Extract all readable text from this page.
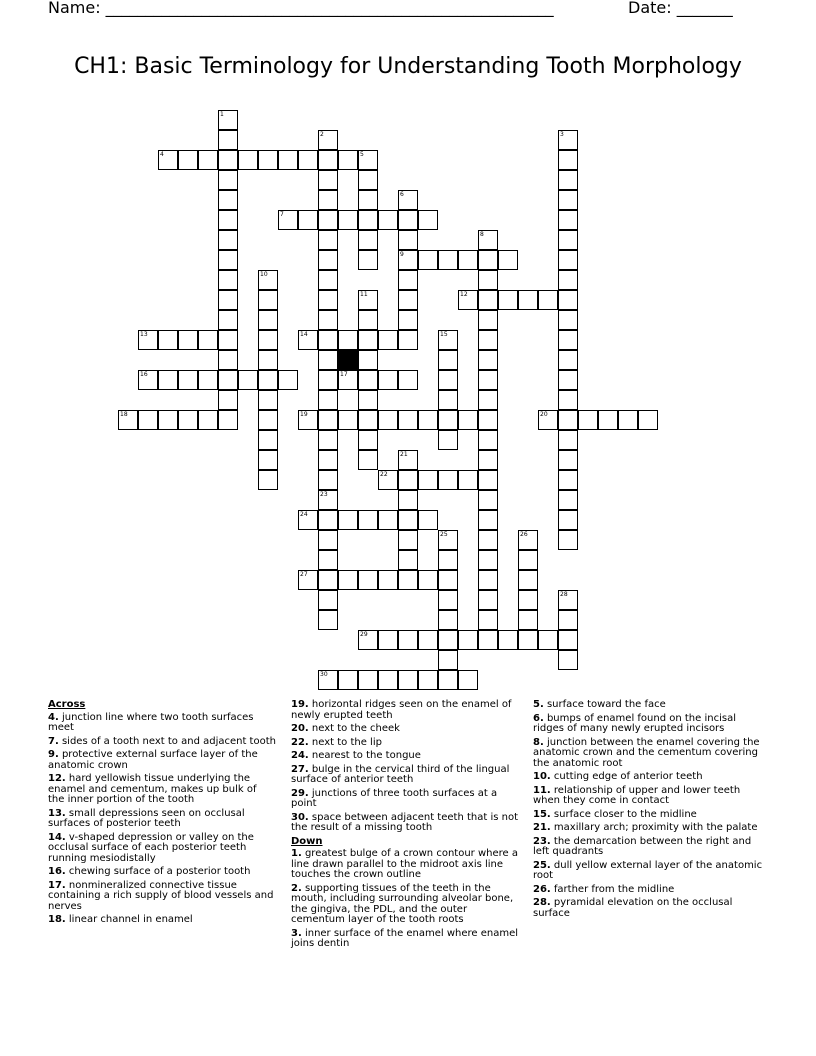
Name: ________________________________________________________	Date: _______
CH1: Basic Terminology for Understanding Tooth Morphology
1
2	3
4	5
6
7
8
9
10
11	12
13	14	15
16	17
18	19	20
21
22
23
24
25	26
27
28
29
30
Across
4. junction line where two tooth surfaces meet
7. sides of a tooth next to and adjacent tooth
9. protective external surface layer of the anatomic crown
12. hard yellowish tissue underlying the enamel and cementum, makes up bulk of the inner portion of the tooth
13. small depressions seen on occlusal surfaces of posterior teeth
14. v-shaped depression or valley on the occlusal surface of each posterior teeth running mesiodistally
16. chewing surface of a posterior tooth
17. nonmineralized connective tissue containing a rich supply of blood vessels and nerves
18. linear channel in enamel
19. horizontal ridges seen on the enamel of newly erupted teeth
20. next to the cheek
22. next to the lip
24. nearest to the tongue
27. bulge in the cervical third of the lingual surface of anterior teeth
29. junctions of three tooth surfaces at a point
30. space between adjacent teeth that is not the result of a missing tooth
Down
1. greatest bulge of a crown contour where a line drawn parallel to the midroot axis line touches the crown outline
2. supporting tissues of the teeth in the mouth, including surrounding alveolar bone, the gingiva, the PDL, and the outer cementum layer of the tooth roots
3. inner surface of the enamel where enamel joins dentin
5. surface toward the face
6. bumps of enamel found on the incisal ridges of many newly erupted incisors
8. junction between the enamel covering the anatomic crown and the cementum covering the anatomic root
10. cutting edge of anterior teeth
11. relationship of upper and lower teeth when they come in contact
15. surface closer to the midline
21. maxillary arch; proximity with the palate
23. the demarcation between the right and left quadrants
25. dull yellow external layer of the anatomic root
26. farther from the midline
28. pyramidal elevation on the occlusal surface
